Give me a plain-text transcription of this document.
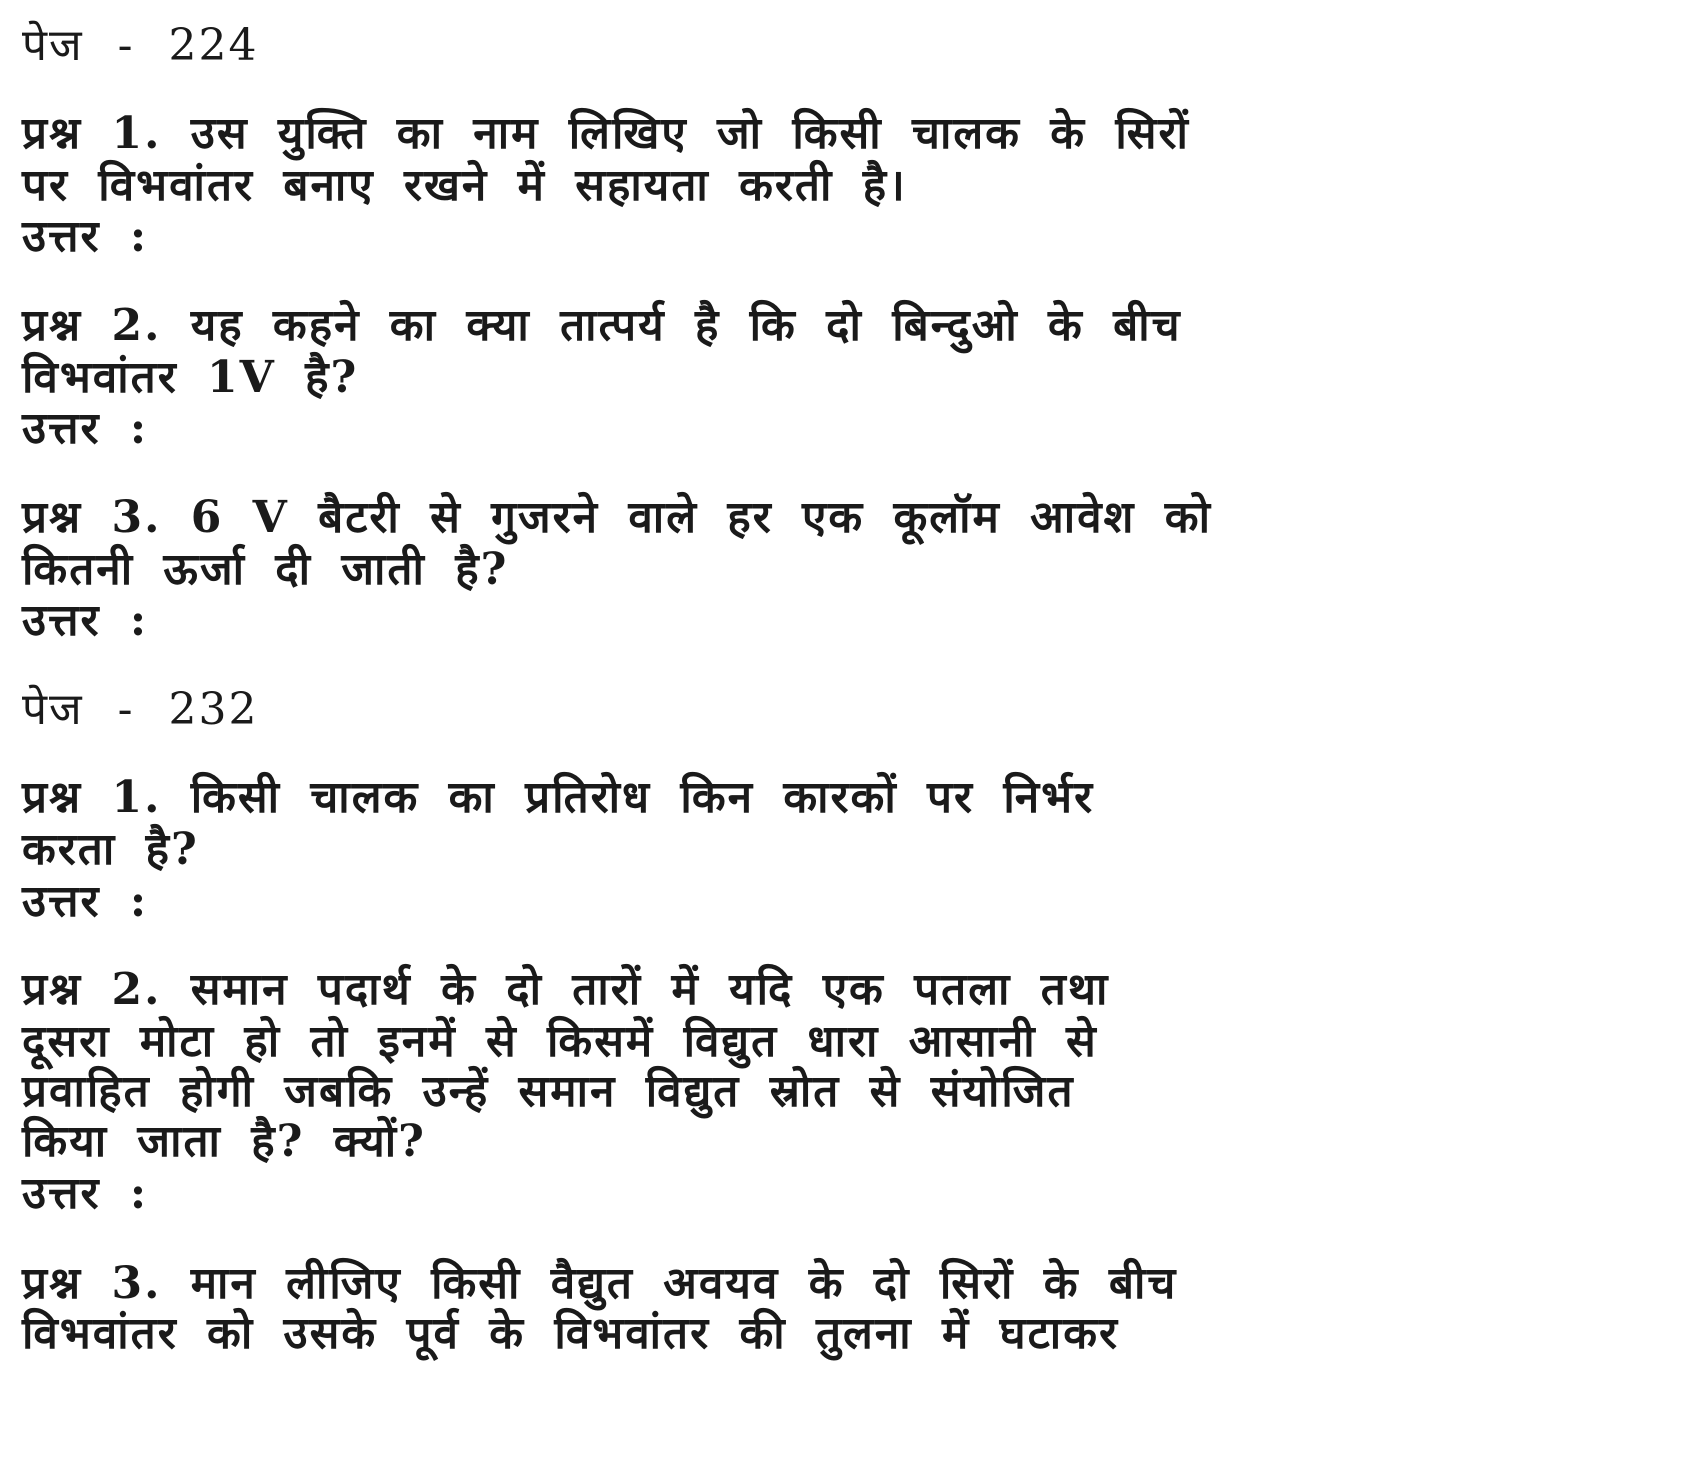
पेज - 224
प्रश्न 1. उस युक्ति का नाम लिखिए जो किसी चालक के सिरों
पर विभवांतर बनाए रखने में सहायता करती है।
उत्तर :
प्रश्न 2. यह कहने का क्या तात्पर्य है कि दो बिन्दुओ के बीच
विभवांतर 1V है?
उत्तर :
प्रश्न 3. 6 V बैटरी से गुजरने वाले हर एक कूलॉम आवेश को
कितनी ऊर्जा दी जाती है?
उत्तर :
पेज - 232
प्रश्न 1. किसी चालक का प्रतिरोध किन कारकों पर निर्भर
करता है?
उत्तर :
प्रश्न 2. समान पदार्थ के दो तारों में यदि एक पतला तथा
दूसरा मोटा हो तो इनमें से किसमें विद्युत धारा आसानी से
प्रवाहित होगी जबकि उन्हें समान विद्युत स्रोत से संयोजित
किया जाता है? क्यों?
उत्तर :
प्रश्न 3. मान लीजिए किसी वैद्युत अवयव के दो सिरों के बीच
विभवांतर को उसके पूर्व के विभवांतर की तुलना में घटाकर
